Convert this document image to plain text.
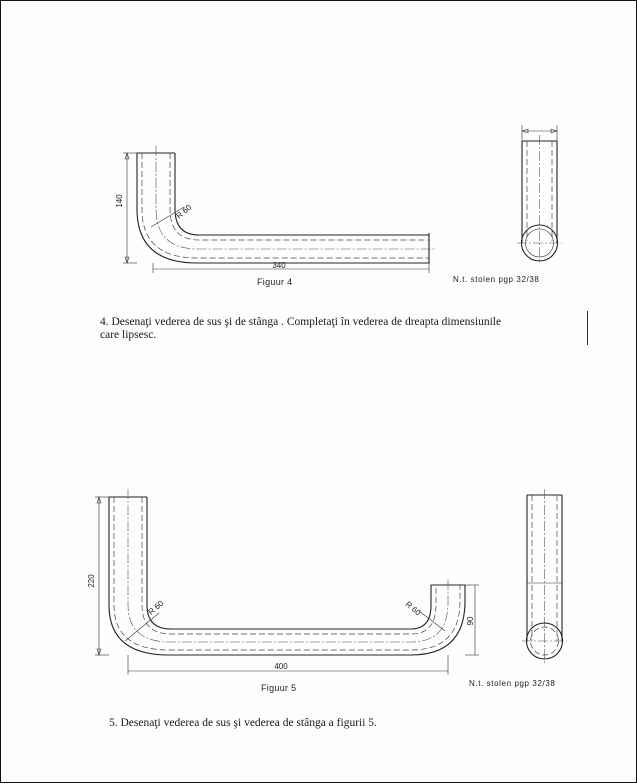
140
340
R 60
Figuur 4	N.t. stolen pgp 32/38
4. Desenaţi vederea de sus şi de stânga . Completaţi în vederea de dreapta dimensiunile
care lipsesc.
220
400
90
R 60	R 60
Figuur 5	N.t. stolen pgp 32/38
5. Desenaţi vederea de sus şi vederea de stânga a figurii 5.
